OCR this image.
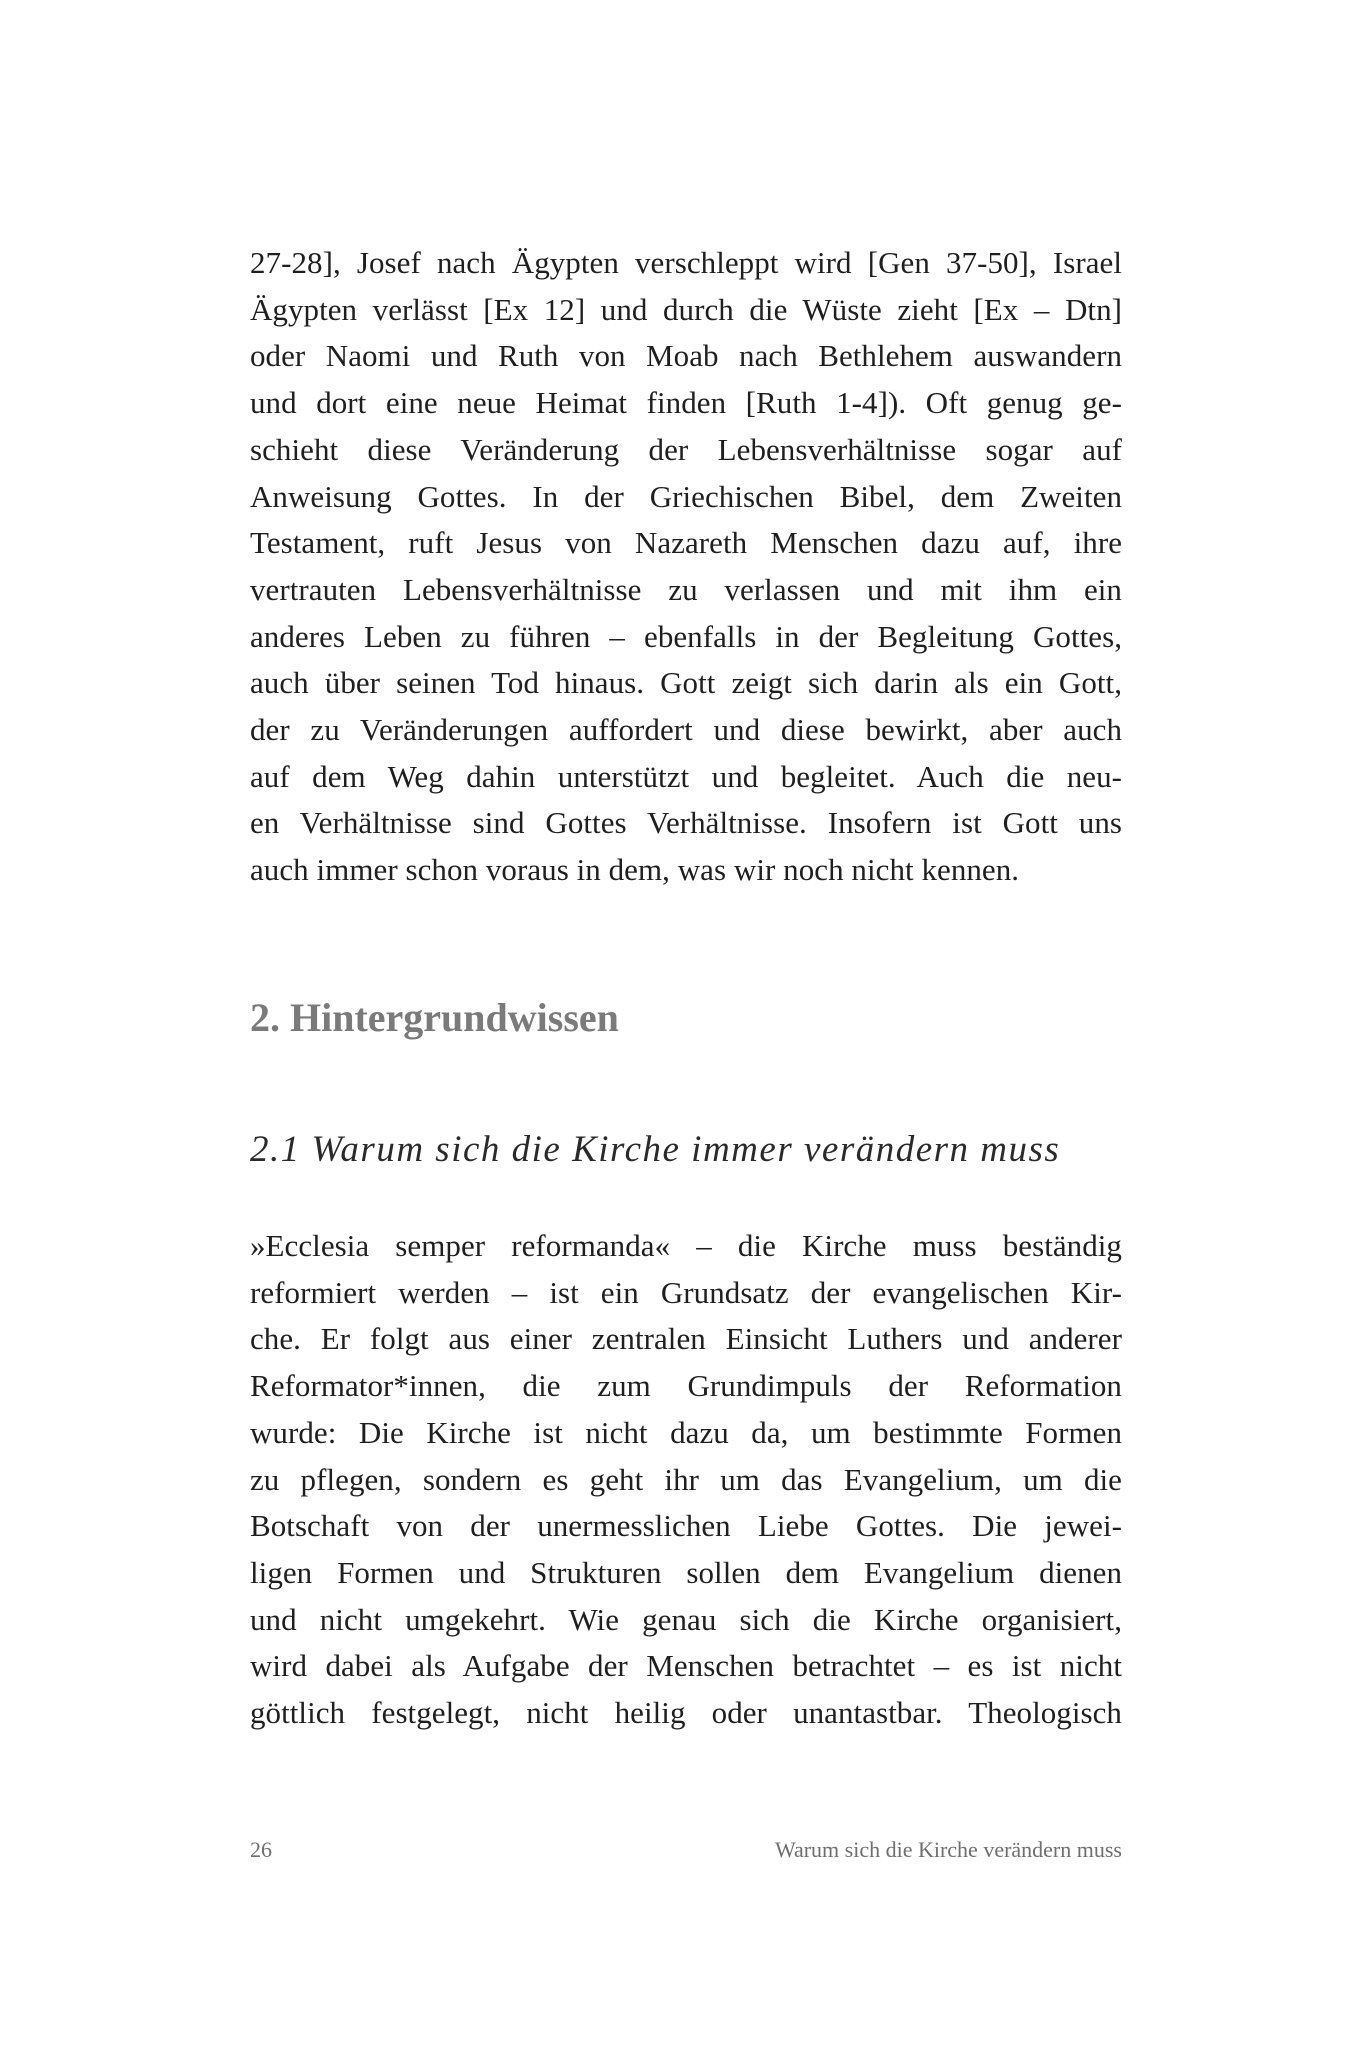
27-28], Josef nach Ägypten verschleppt wird [Gen 37-50], Israel
Ägypten verlässt [Ex 12] und durch die Wüste zieht [Ex – Dtn]
oder Naomi und Ruth von Moab nach Bethlehem auswandern
und dort eine neue Heimat finden [Ruth 1-4]). Oft genug ge-
schieht diese Veränderung der Lebensverhältnisse sogar auf
Anweisung Gottes. In der Griechischen Bibel, dem Zweiten
Testament, ruft Jesus von Nazareth Menschen dazu auf, ihre
vertrauten Lebensverhältnisse zu verlassen und mit ihm ein
anderes Leben zu führen – ebenfalls in der Begleitung Gottes,
auch über seinen Tod hinaus. Gott zeigt sich darin als ein Gott,
der zu Veränderungen auffordert und diese bewirkt, aber auch
auf dem Weg dahin unterstützt und begleitet. Auch die neu-
en Verhältnisse sind Gottes Verhältnisse. Insofern ist Gott uns
auch immer schon voraus in dem, was wir noch nicht kennen.
2. Hintergrundwissen
2.1 Warum sich die Kirche immer verändern muss
»Ecclesia semper reformanda« – die Kirche muss beständig
reformiert werden – ist ein Grundsatz der evangelischen Kir-
che. Er folgt aus einer zentralen Einsicht Luthers und anderer
Reformator*innen, die zum Grundimpuls der Reformation
wurde: Die Kirche ist nicht dazu da, um bestimmte Formen
zu pflegen, sondern es geht ihr um das Evangelium, um die
Botschaft von der unermesslichen Liebe Gottes. Die jewei-
ligen Formen und Strukturen sollen dem Evangelium dienen
und nicht umgekehrt. Wie genau sich die Kirche organisiert,
wird dabei als Aufgabe der Menschen betrachtet – es ist nicht
göttlich festgelegt, nicht heilig oder unantastbar. Theologisch
26	Warum sich die Kirche verändern muss
